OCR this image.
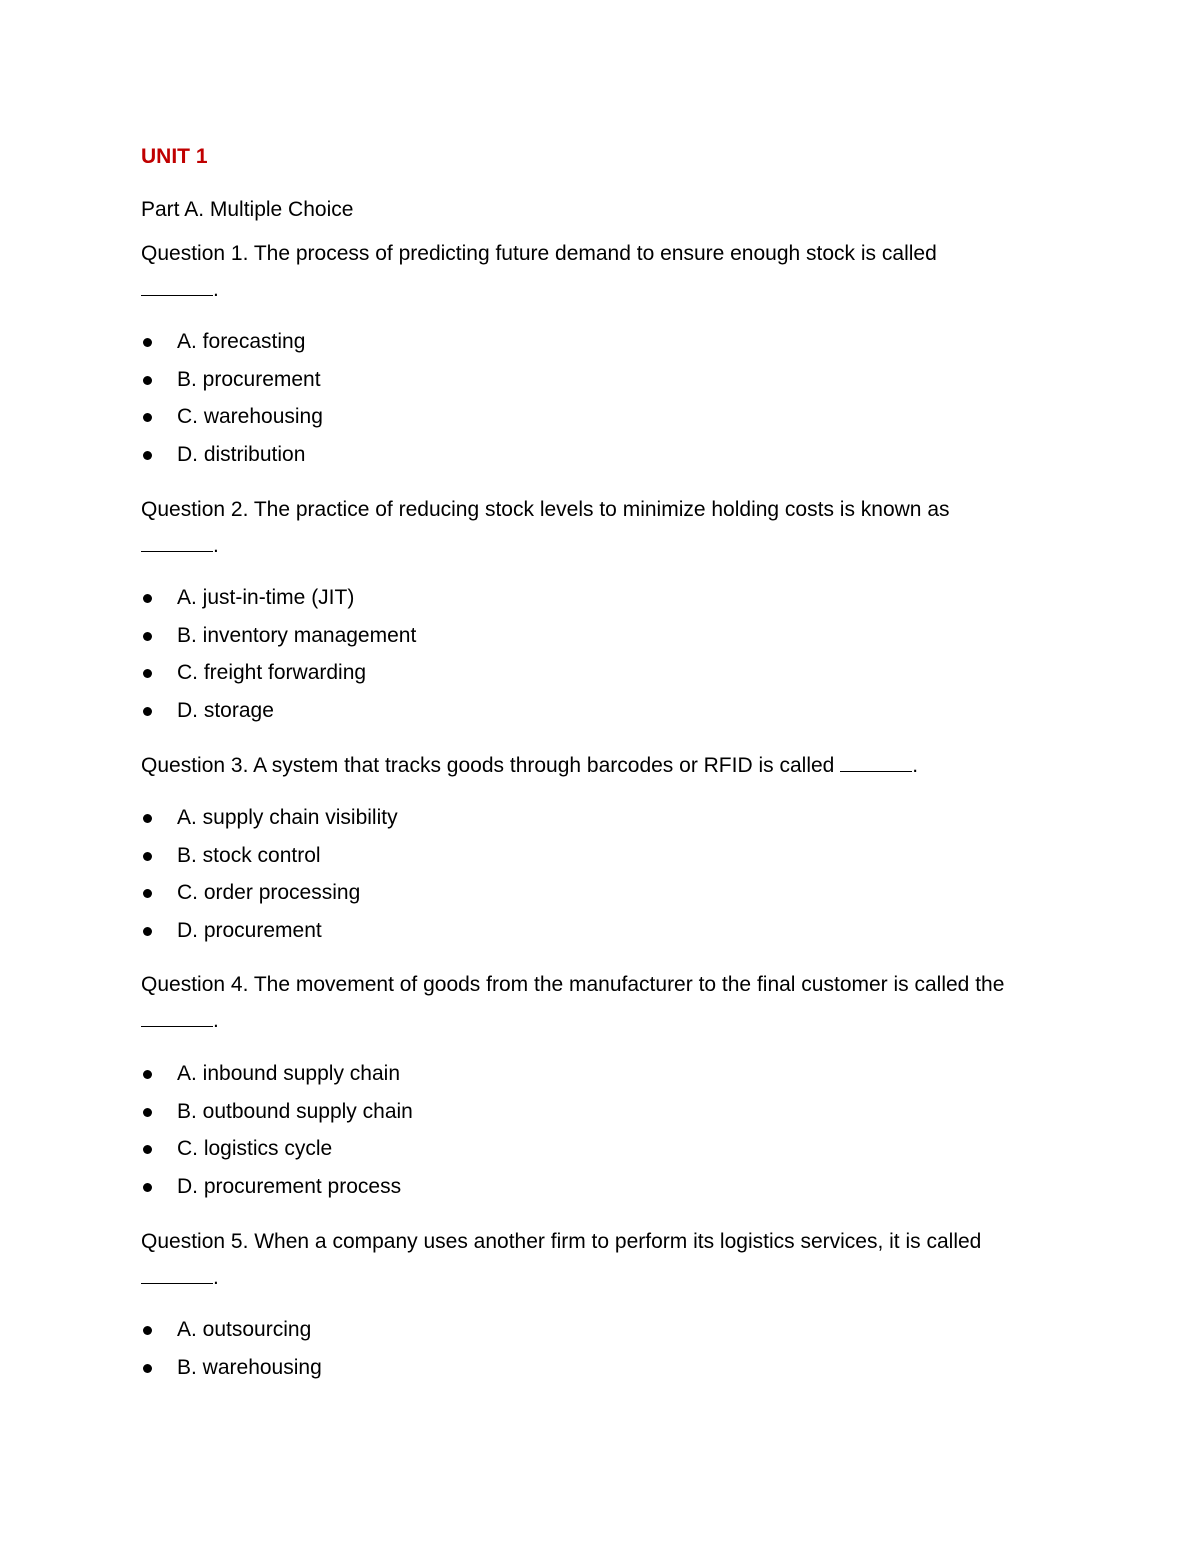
UNIT 1
Part A. Multiple Choice
Question 1. The process of predicting future demand to ensure enough stock is called
.
A. forecasting
B. procurement
C. warehousing
D. distribution
Question 2. The practice of reducing stock levels to minimize holding costs is known as
.
A. just-in-time (JIT)
B. inventory management
C. freight forwarding
D. storage
Question 3. A system that tracks goods through barcodes or RFID is called	.
A. supply chain visibility
B. stock control
C. order processing
D. procurement
Question 4. The movement of goods from the manufacturer to the final customer is called the .
A. inbound supply chain
B. outbound supply chain
C. logistics cycle
D. procurement process
Question 5. When a company uses another firm to perform its logistics services, it is called .
A. outsourcing
B. warehousing
